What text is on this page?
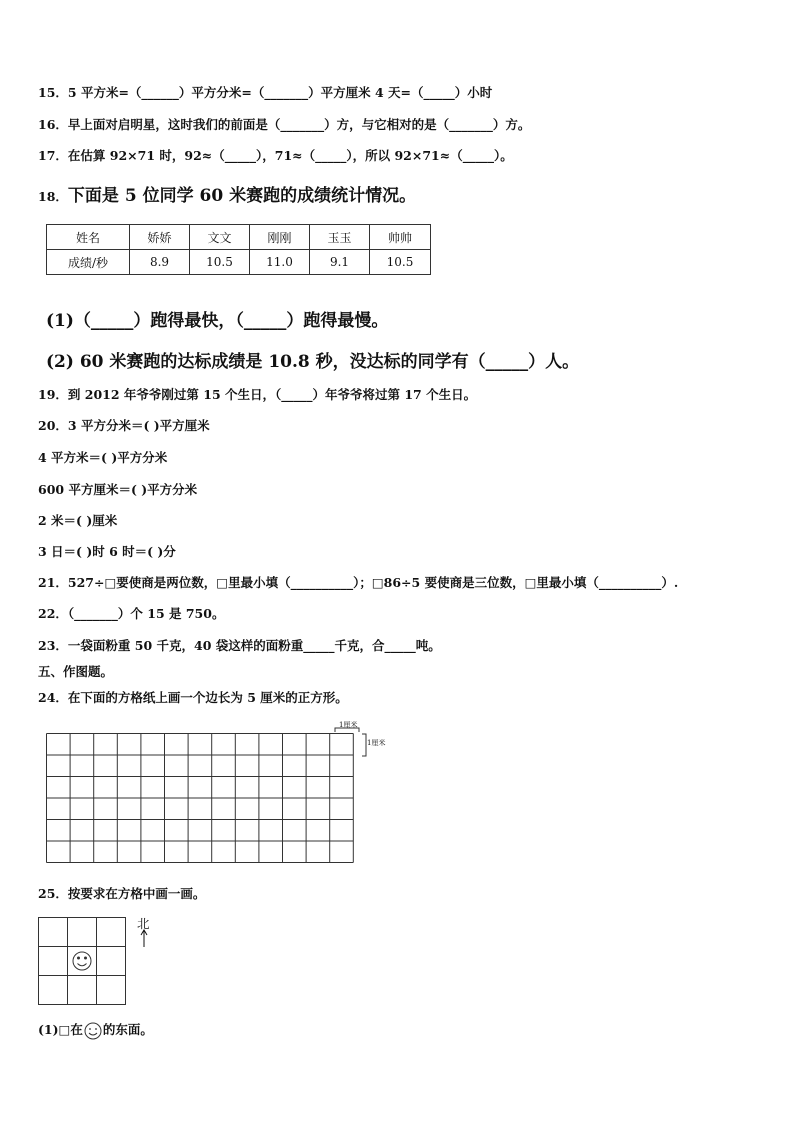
15．5 平方米=（______）平方分米=（_______）平方厘米 4 天=（_____）小时
16．早上面对启明星，这时我们的前面是（_______）方，与它相对的是（_______）方。
17．在估算 92×71 时，92≈（_____），71≈（_____），所以 92×71≈（_____）。
18．下面是 5 位同学 60 米赛跑的成绩统计情况。
姓名	娇娇	文文	刚刚	玉玉	帅帅
成绩/秒	8.9	10.5	11.0	9.1	10.5
(1)（_____）跑得最快，（_____）跑得最慢。
(2) 60 米赛跑的达标成绩是 10.8 秒，没达标的同学有（_____）人。
19．到 2012 年爷爷刚过第 15 个生日，（_____）年爷爷将过第 17 个生日。
20．3 平方分米＝( )平方厘米
4 平方米＝( )平方分米
600 平方厘米＝( )平方分米
2 米＝( )厘米
3 日＝( )时 6 时＝( )分
21．527÷□要使商是两位数，□里最小填（__________）；□86÷5 要使商是三位数，□里最小填（__________）.
22．（_______）个 15 是 750。
23．一袋面粉重 50 千克，40 袋这样的面粉重_____千克，合_____吨。
五、作图题。
24．在下面的方格纸上画一个边长为 5 厘米的正方形。
1厘米
1厘米
25．按要求在方格中画一画。
北
(1)□在 的东面。
